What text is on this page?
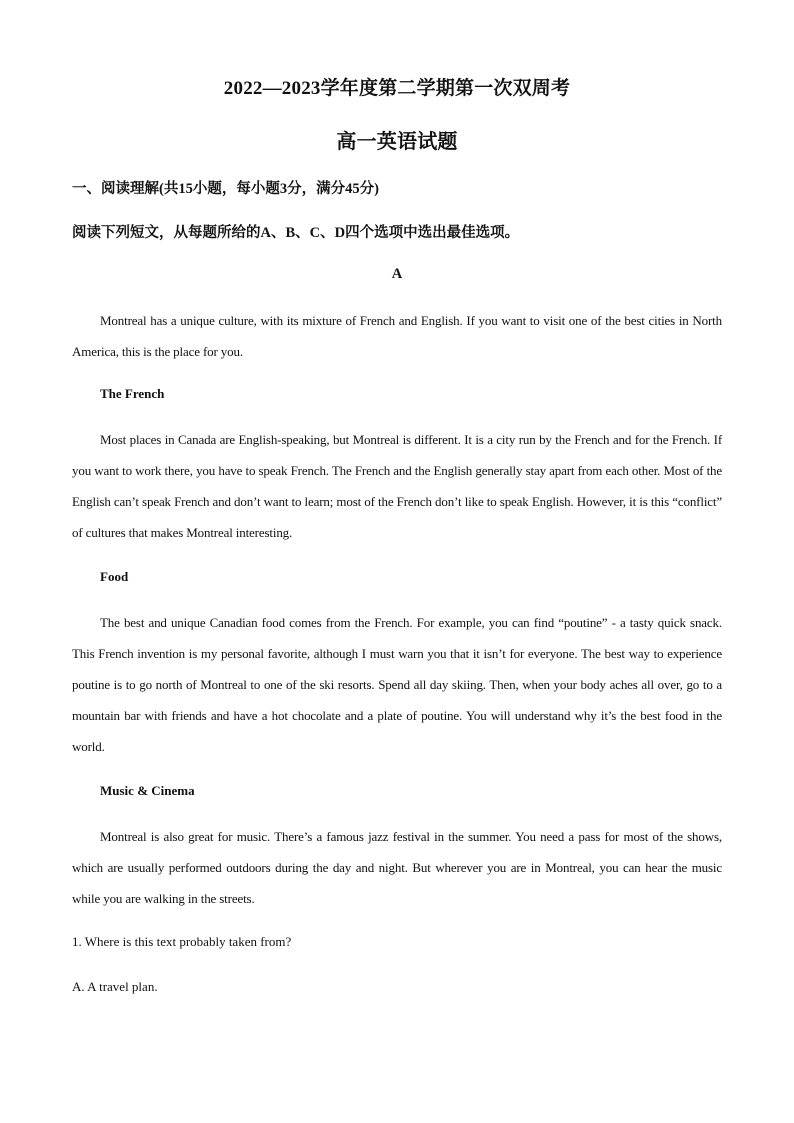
2022—2023学年度第二学期第一次双周考
高一英语试题
一、阅读理解(共15小题，每小题3分，满分45分)
阅读下列短文，从每题所给的A、B、C、D四个选项中选出最佳选项。
A

Montreal has a unique culture, with its mixture of French and English. If you want to visit one of the best cities in North America, this is the place for you.

The French

Most places in Canada are English-speaking, but Montreal is different. It is a city run by the French and for the French. If you want to work there, you have to speak French. The French and the English generally stay apart from each other. Most of the English can’t speak French and don’t want to learn; most of the French don’t like to speak English. However, it is this “conflict” of cultures that makes Montreal interesting.

Food

The best and unique Canadian food comes from the French. For example, you can find “poutine” - a tasty quick snack. This French invention is my personal favorite, although I must warn you that it isn’t for everyone. The best way to experience poutine is to go north of Montreal to one of the ski resorts. Spend all day skiing. Then, when your body aches all over, go to a mountain bar with friends and have a hot chocolate and a plate of poutine. You will understand why it’s the best food in the world.

Music & Cinema

Montreal is also great for music. There’s a famous jazz festival in the summer. You need a pass for most of the shows, which are usually performed outdoors during the day and night. But wherever you are in Montreal, you can hear the music while you are walking in the streets.

1. Where is this text probably taken from?
A. A travel plan.
